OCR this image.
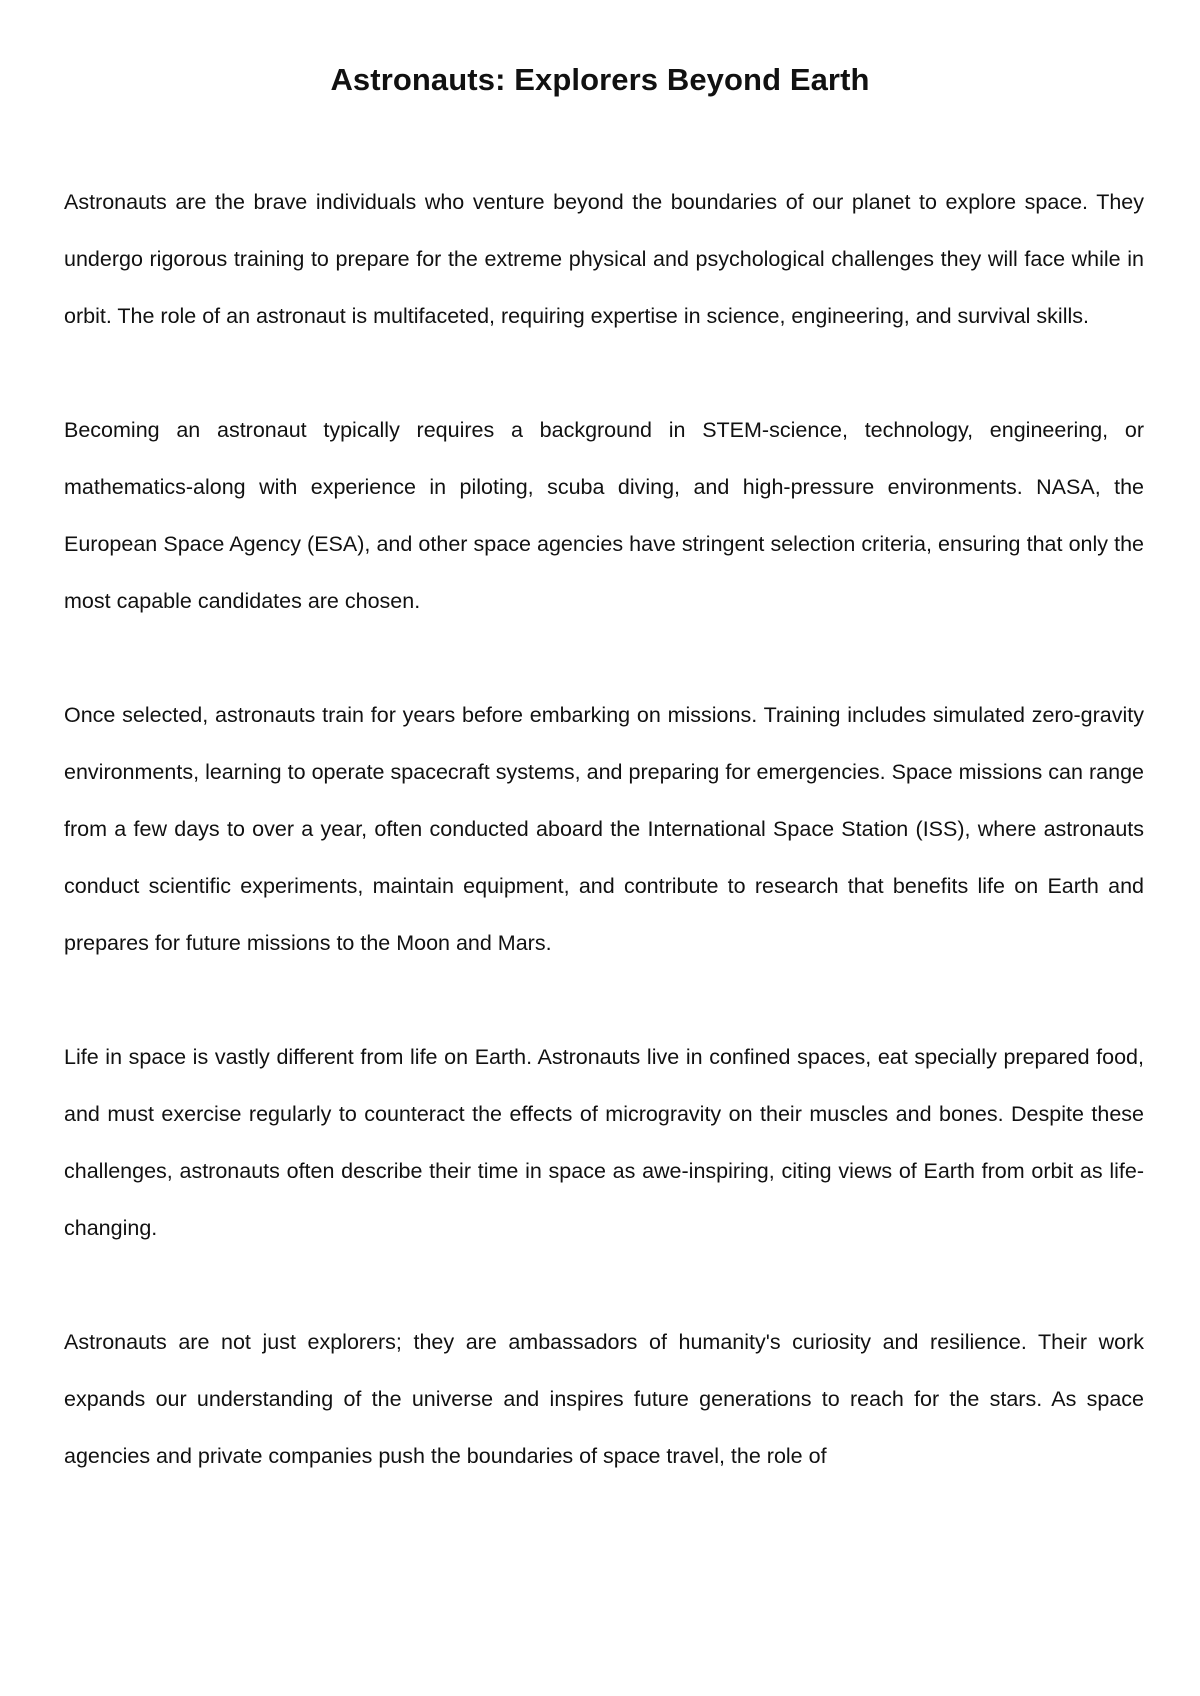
Astronauts: Explorers Beyond Earth

Astronauts are the brave individuals who venture beyond the boundaries of our planet to explore space. They undergo rigorous training to prepare for the extreme physical and psychological challenges they will face while in orbit. The role of an astronaut is multifaceted, requiring expertise in science, engineering, and survival skills.

Becoming an astronaut typically requires a background in STEM-science, technology, engineering, or mathematics-along with experience in piloting, scuba diving, and high-pressure environments. NASA, the European Space Agency (ESA), and other space agencies have stringent selection criteria, ensuring that only the most capable candidates are chosen.

Once selected, astronauts train for years before embarking on missions. Training includes simulated zero-gravity environments, learning to operate spacecraft systems, and preparing for emergencies. Space missions can range from a few days to over a year, often conducted aboard the International Space Station (ISS), where astronauts conduct scientific experiments, maintain equipment, and contribute to research that benefits life on Earth and prepares for future missions to the Moon and Mars.

Life in space is vastly different from life on Earth. Astronauts live in confined spaces, eat specially prepared food, and must exercise regularly to counteract the effects of microgravity on their muscles and bones. Despite these challenges, astronauts often describe their time in space as awe-inspiring, citing views of Earth from orbit as life-changing.

Astronauts are not just explorers; they are ambassadors of humanity's curiosity and resilience. Their work expands our understanding of the universe and inspires future generations to reach for the stars. As space agencies and private companies push the boundaries of space travel, the role of
